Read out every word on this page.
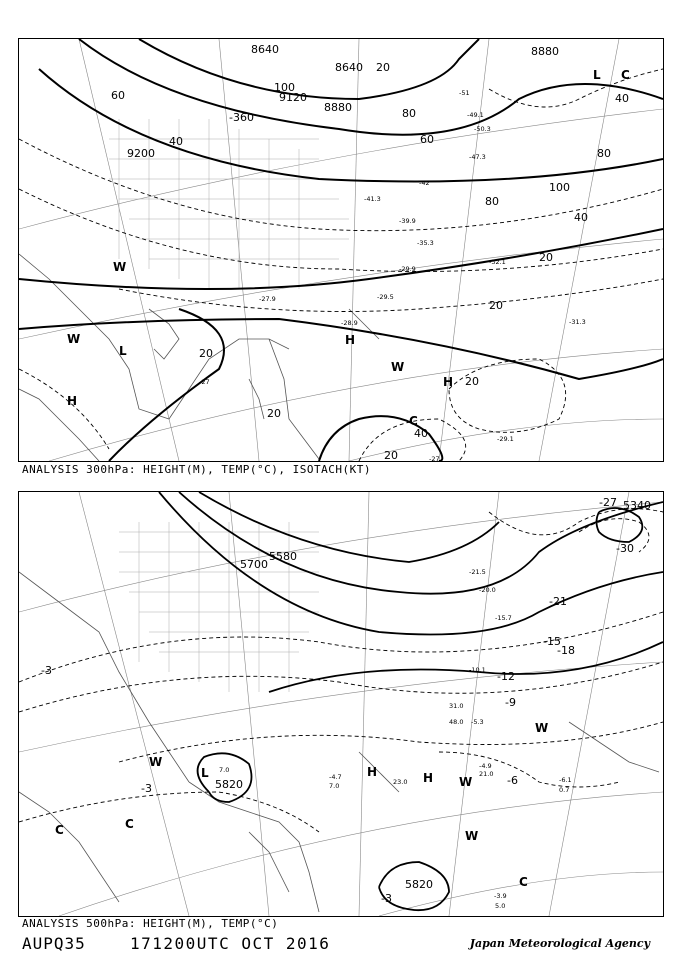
8640
8880
9120
9200
8880
8640
100
80
60
40
20
20
20
20
40
60
80
100
80
40
20
40
20
20
-360
-51
-50.3
-49.1
-47.3
-42
-41.3
-39.9
-35.3
-32.1
-29.9
-29.5
-28.9
-27.9
-27
-31.3
-29.1
-27
L
H
W
W	H
H
W
C
L
C
ANALYSIS 300hPa: HEIGHT(M), TEMP(°C), ISOTACH(KT)
5340
5580
5700
5820
5820
-27
-30
-21
-18
-15
-12
-9
-6
-3
-3
-3
-21.5
-20.0
-15.7
-10.1
-5.3
-4.7
-4.9
-3.9
-6.1
5.0
7.0
21.0
23.0
0.7
31.0
48.0
7.0
C
W
L	H	H W
W
C
C
W
ANALYSIS 500hPa: HEIGHT(M), TEMP(°C)
AUPQ35	171200UTC OCT 2016	Japan Meteorological Agency
